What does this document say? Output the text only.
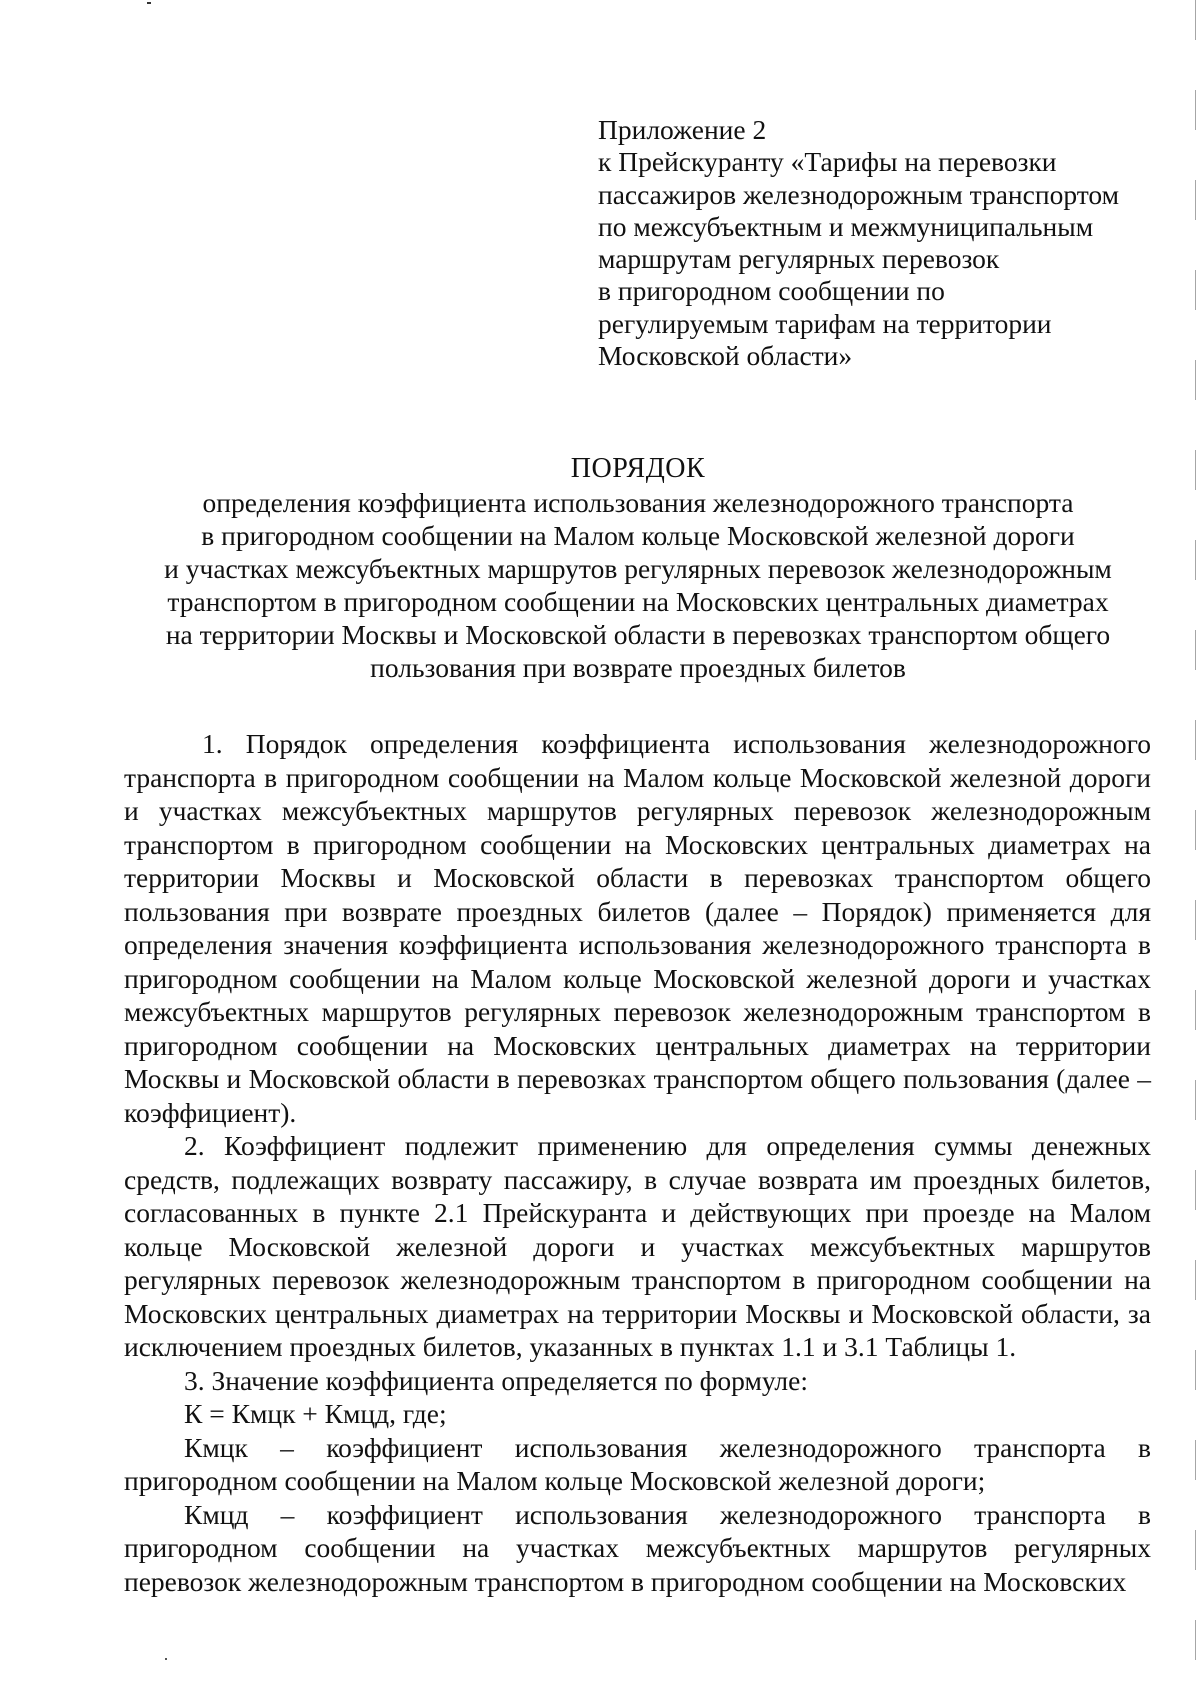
Приложение 2
к Прейскуранту «Тарифы на перевозки
пассажиров железнодорожным транспортом
по межсубъектным и межмуниципальным
маршрутам регулярных перевозок
в пригородном сообщении по
регулируемым тарифам на территории
Московской области»
ПОРЯДОК
определения коэффициента использования железнодорожного транспорта
в пригородном сообщении на Малом кольце Московской железной дороги
и участках межсубъектных маршрутов регулярных перевозок железнодорожным
транспортом в пригородном сообщении на Московских центральных диаметрах
на территории Москвы и Московской области в перевозках транспортом общего
пользования при возврате проездных билетов

1. Порядок определения коэффициента использования железнодорожного транспорта в пригородном сообщении на Малом кольце Московской железной дороги и участках межсубъектных маршрутов регулярных перевозок железнодорожным транспортом в пригородном сообщении на Московских центральных диаметрах на территории Москвы и Московской области в перевозках транспортом общего пользования при возврате проездных билетов (далее – Порядок) применяется для определения значения коэффициента использования железнодорожного транспорта в пригородном сообщении на Малом кольце Московской железной дороги и участках межсубъектных маршрутов регулярных перевозок железнодорожным транспортом в пригородном сообщении на Московских центральных диаметрах на территории Москвы и Московской области в перевозках транспортом общего пользования (далее – коэффициент).

2. Коэффициент подлежит применению для определения суммы денежных средств, подлежащих возврату пассажиру, в случае возврата им проездных билетов, согласованных в пункте 2.1 Прейскуранта и действующих при проезде на Малом кольце Московской железной дороги и участках межсубъектных маршрутов регулярных перевозок железнодорожным транспортом в пригородном сообщении на Московских центральных диаметрах на территории Москвы и Московской области, за исключением проездных билетов, указанных в пунктах 1.1 и 3.1 Таблицы 1.

3. Значение коэффициента определяется по формуле:

К = Кмцк + Кмцд, где;

Кмцк – коэффициент использования железнодорожного транспорта в пригородном сообщении на Малом кольце Московской железной дороги;

Кмцд – коэффициент использования железнодорожного транспорта в пригородном сообщении на участках межсубъектных маршрутов регулярных перевозок железнодорожным транспортом в пригородном сообщении на Московских
